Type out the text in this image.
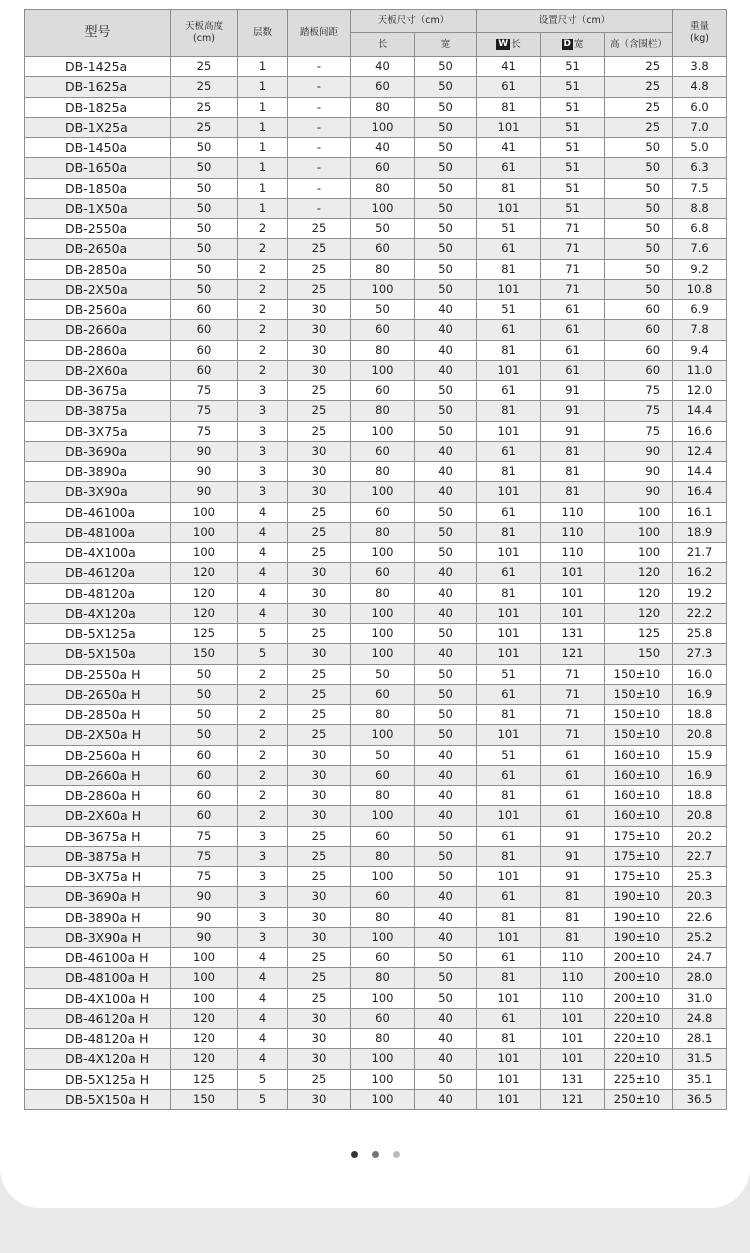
型号	天板高度
(cm)	层数	踏板间距	天板尺寸（cm）		设置尺寸（cm）			重量
(kg)
				长	宽	W 长	D 宽	高（含围栏）	
DB-1425a	25	1	-	40	50	41	51	25	3.8
DB-1625a	25	1	-	60	50	61	51	25	4.8
DB-1825a	25	1	-	80	50	81	51	25	6.0
DB-1X25a	25	1	-	100	50	101	51	25	7.0
DB-1450a	50	1	-	40	50	41	51	50	5.0
DB-1650a	50	1	-	60	50	61	51	50	6.3
DB-1850a	50	1	-	80	50	81	51	50	7.5
DB-1X50a	50	1	-	100	50	101	51	50	8.8
DB-2550a	50	2	25	50	50	51	71	50	6.8
DB-2650a	50	2	25	60	50	61	71	50	7.6
DB-2850a	50	2	25	80	50	81	71	50	9.2
DB-2X50a	50	2	25	100	50	101	71	50	10.8
DB-2560a	60	2	30	50	40	51	61	60	6.9
DB-2660a	60	2	30	60	40	61	61	60	7.8
DB-2860a	60	2	30	80	40	81	61	60	9.4
DB-2X60a	60	2	30	100	40	101	61	60	11.0
DB-3675a	75	3	25	60	50	61	91	75	12.0
DB-3875a	75	3	25	80	50	81	91	75	14.4
DB-3X75a	75	3	25	100	50	101	91	75	16.6
DB-3690a	90	3	30	60	40	61	81	90	12.4
DB-3890a	90	3	30	80	40	81	81	90	14.4
DB-3X90a	90	3	30	100	40	101	81	90	16.4
DB-46100a	100	4	25	60	50	61	110	100	16.1
DB-48100a	100	4	25	80	50	81	110	100	18.9
DB-4X100a	100	4	25	100	50	101	110	100	21.7
DB-46120a	120	4	30	60	40	61	101	120	16.2
DB-48120a	120	4	30	80	40	81	101	120	19.2
DB-4X120a	120	4	30	100	40	101	101	120	22.2
DB-5X125a	125	5	25	100	50	101	131	125	25.8
DB-5X150a	150	5	30	100	40	101	121	150	27.3
DB-2550a H	50	2	25	50	50	51	71	150±10	16.0
DB-2650a H	50	2	25	60	50	61	71	150±10	16.9
DB-2850a H	50	2	25	80	50	81	71	150±10	18.8
DB-2X50a H	50	2	25	100	50	101	71	150±10	20.8
DB-2560a H	60	2	30	50	40	51	61	160±10	15.9
DB-2660a H	60	2	30	60	40	61	61	160±10	16.9
DB-2860a H	60	2	30	80	40	81	61	160±10	18.8
DB-2X60a H	60	2	30	100	40	101	61	160±10	20.8
DB-3675a H	75	3	25	60	50	61	91	175±10	20.2
DB-3875a H	75	3	25	80	50	81	91	175±10	22.7
DB-3X75a H	75	3	25	100	50	101	91	175±10	25.3
DB-3690a H	90	3	30	60	40	61	81	190±10	20.3
DB-3890a H	90	3	30	80	40	81	81	190±10	22.6
DB-3X90a H	90	3	30	100	40	101	81	190±10	25.2
DB-46100a H	100	4	25	60	50	61	110	200±10	24.7
DB-48100a H	100	4	25	80	50	81	110	200±10	28.0
DB-4X100a H	100	4	25	100	50	101	110	200±10	31.0
DB-46120a H	120	4	30	60	40	61	101	220±10	24.8
DB-48120a H	120	4	30	80	40	81	101	220±10	28.1
DB-4X120a H	120	4	30	100	40	101	101	220±10	31.5
DB-5X125a H	125	5	25	100	50	101	131	225±10	35.1
DB-5X150a H	150	5	30	100	40	101	121	250±10	36.5
